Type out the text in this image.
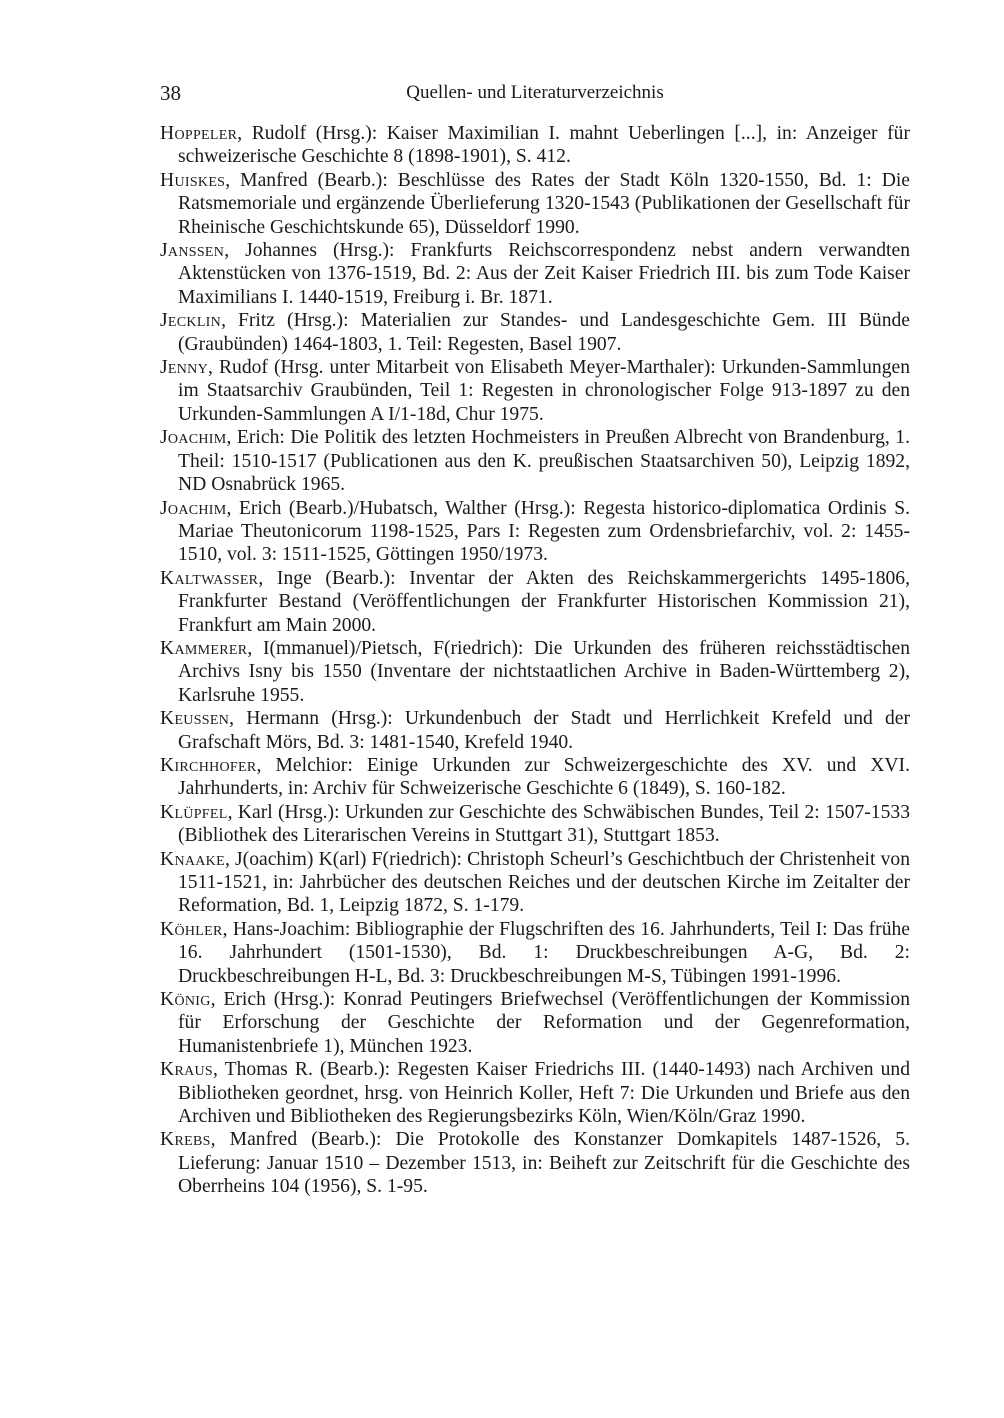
38	Quellen- und Literaturverzeichnis

Hoppeler, Rudolf (Hrsg.): Kaiser Maximilian I. mahnt Ueberlingen [...], in: Anzeiger für schweizerische Geschichte 8 (1898-1901), S. 412.

Huiskes, Manfred (Bearb.): Beschlüsse des Rates der Stadt Köln 1320-1550, Bd. 1: Die Ratsmemoriale und ergänzende Überlieferung 1320-1543 (Publikationen der Gesellschaft für Rheinische Geschichtskunde 65), Düsseldorf 1990.

Janssen, Johannes (Hrsg.): Frankfurts Reichscorrespondenz nebst andern verwandten Aktenstücken von 1376-1519, Bd. 2: Aus der Zeit Kaiser Friedrich III. bis zum Tode Kaiser Maximilians I. 1440-1519, Freiburg i. Br. 1871.

Jecklin, Fritz (Hrsg.): Materialien zur Standes- und Landesgeschichte Gem. III Bünde (Graubünden) 1464-1803, 1. Teil: Regesten, Basel 1907.

Jenny, Rudof (Hrsg. unter Mitarbeit von Elisabeth Meyer-Marthaler): Urkunden-Sammlungen im Staatsarchiv Graubünden, Teil 1: Regesten in chronologischer Folge 913-1897 zu den Urkunden-Sammlungen A I/1-18d, Chur 1975.

Joachim, Erich: Die Politik des letzten Hochmeisters in Preußen Albrecht von Brandenburg, 1. Theil: 1510-1517 (Publicationen aus den K. preußischen Staatsarchiven 50), Leipzig 1892, ND Osnabrück 1965.

Joachim, Erich (Bearb.)/Hubatsch, Walther (Hrsg.): Regesta historico-diplomatica Ordinis S. Mariae Theutonicorum 1198-1525, Pars I: Regesten zum Ordensbriefarchiv, vol. 2: 1455-1510, vol. 3: 1511-1525, Göttingen 1950/1973.

Kaltwasser, Inge (Bearb.): Inventar der Akten des Reichskammergerichts 1495-1806, Frankfurter Bestand (Veröffentlichungen der Frankfurter Historischen Kommission 21), Frankfurt am Main 2000.

Kammerer, I(mmanuel)/Pietsch, F(riedrich): Die Urkunden des früheren reichsstädtischen Archivs Isny bis 1550 (Inventare der nichtstaatlichen Archive in Baden-Württemberg 2), Karlsruhe 1955.

Keussen, Hermann (Hrsg.): Urkundenbuch der Stadt und Herrlichkeit Krefeld und der Grafschaft Mörs, Bd. 3: 1481-1540, Krefeld 1940.

Kirchhofer, Melchior: Einige Urkunden zur Schweizergeschichte des XV. und XVI. Jahrhunderts, in: Archiv für Schweizerische Geschichte 6 (1849), S. 160-182.

Klüpfel, Karl (Hrsg.): Urkunden zur Geschichte des Schwäbischen Bundes, Teil 2: 1507-1533 (Bibliothek des Literarischen Vereins in Stuttgart 31), Stuttgart 1853.

Knaake, J(oachim) K(arl) F(riedrich): Christoph Scheurl’s Geschichtbuch der Christenheit von 1511-1521, in: Jahrbücher des deutschen Reiches und der deutschen Kirche im Zeitalter der Reformation, Bd. 1, Leipzig 1872, S. 1-179.

Köhler, Hans-Joachim: Bibliographie der Flugschriften des 16. Jahrhunderts, Teil I: Das frühe 16. Jahrhundert (1501-1530), Bd. 1: Druckbeschreibungen A-G, Bd. 2: Druckbeschreibungen H-L, Bd. 3: Druckbeschreibungen M-S, Tübingen 1991-1996.

König, Erich (Hrsg.): Konrad Peutingers Briefwechsel (Veröffentlichungen der Kommission für Erforschung der Geschichte der Reformation und der Gegenreformation, Humanistenbriefe 1), München 1923.

Kraus, Thomas R. (Bearb.): Regesten Kaiser Friedrichs III. (1440-1493) nach Archiven und Bibliotheken geordnet, hrsg. von Heinrich Koller, Heft 7: Die Urkunden und Briefe aus den Archiven und Bibliotheken des Regierungsbezirks Köln, Wien/Köln/Graz 1990.

Krebs, Manfred (Bearb.): Die Protokolle des Konstanzer Domkapitels 1487-1526, 5. Lieferung: Januar 1510 – Dezember 1513, in: Beiheft zur Zeitschrift für die Geschichte des Oberrheins 104 (1956), S. 1-95.
